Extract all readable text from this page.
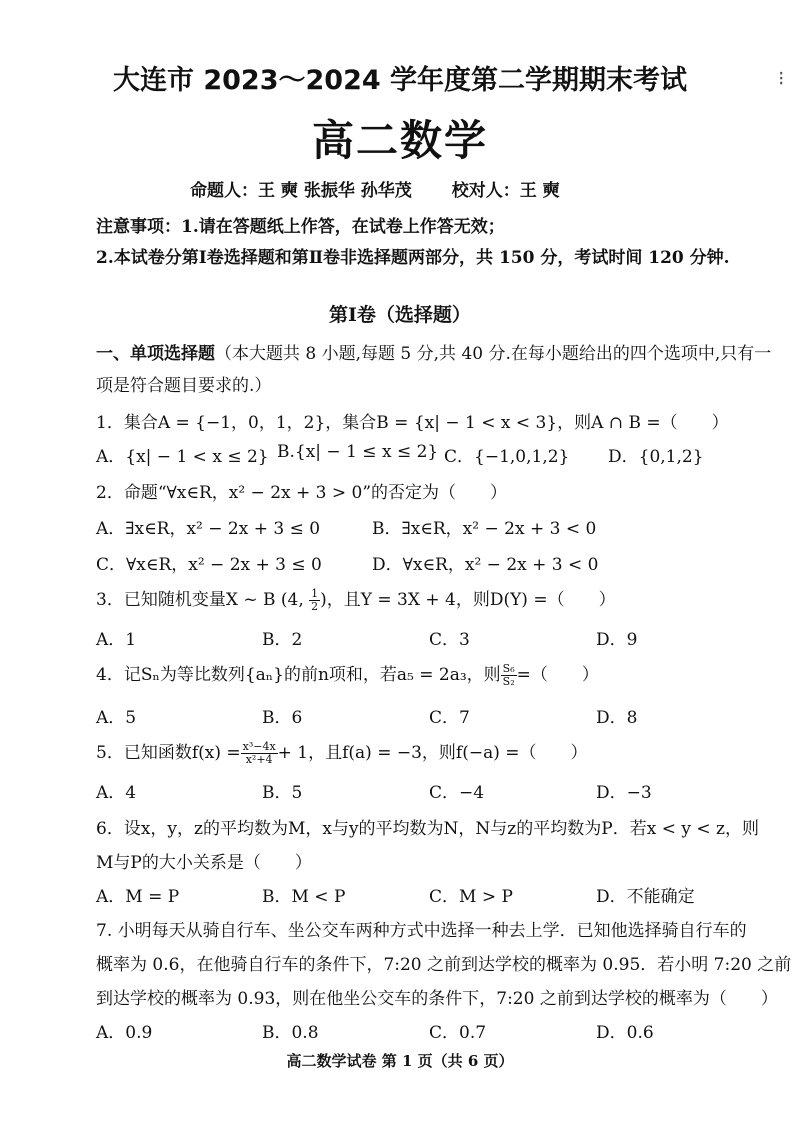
⁝
大连市 2023～2024 学年度第二学期期末考试
高二数学
命题人：王 奭 张振华 孙华茂 校对人：王 奭
注意事项：1.请在答题纸上作答，在试卷上作答无效；
2.本试卷分第Ⅰ卷选择题和第Ⅱ卷非选择题两部分，共 150 分，考试时间 120 分钟.
第Ⅰ卷（选择题）
一、单项选择题（本大题共 8 小题,每题 5 分,共 40 分.在每小题给出的四个选项中,只有一
项是符合题目要求的.）
1．集合A = {−1，0，1，2}，集合B = {x| − 1 < x < 3}，则A ∩ B =（　　）
A．{x| − 1 < x ≤ 2} B.{x| − 1 ≤ x ≤ 2} C．{−1,0,1,2} D．{0,1,2}
2．命题“∀x∈R，x² − 2x + 3 > 0”的否定为（　　）
A．∃x∈R，x² − 2x + 3 ≤ 0	B．∃x∈R，x² − 2x + 3 < 0
C．∀x∈R，x² − 2x + 3 ≤ 0	D．∀x∈R，x² − 2x + 3 < 0
3．已知随机变量X ~ B (4, $\frac{1}{2}$ )，且Y = 3X + 4，则D(Y) =（　　）
A．1	B．2	C．3	D．9
4．记Sₙ为等比数列{aₙ}的前n项和，若a₅ = 2a₃，则 $\frac{\text{S₆}}{\text{S₂}}$ =（　　）
A．5	B．6	C．7	D．8
5．已知函数$f(x) = \frac{\text{x³−4x}}{\text{x²+4}} + 1$，且f(a) = −3，则f(−a) =（　　）
A．4	B．5	C．−4	D．−3
6．设x，y，z的平均数为M，x与y的平均数为N，N与z的平均数为P．若x < y < z，则
M与P的大小关系是（　　）
A．M = P	B．M < P	C．M > P	D．不能确定
7. 小明每天从骑自行车、坐公交车两种方式中选择一种去上学．已知他选择骑自行车的
概率为 0.6，在他骑自行车的条件下，7:20 之前到达学校的概率为 0.95．若小明 7:20 之前
到达学校的概率为 0.93，则在他坐公交车的条件下，7:20 之前到达学校的概率为（　　）
A．0.9	B．0.8	C．0.7	D．0.6
高二数学试卷 第 1 页（共 6 页）
